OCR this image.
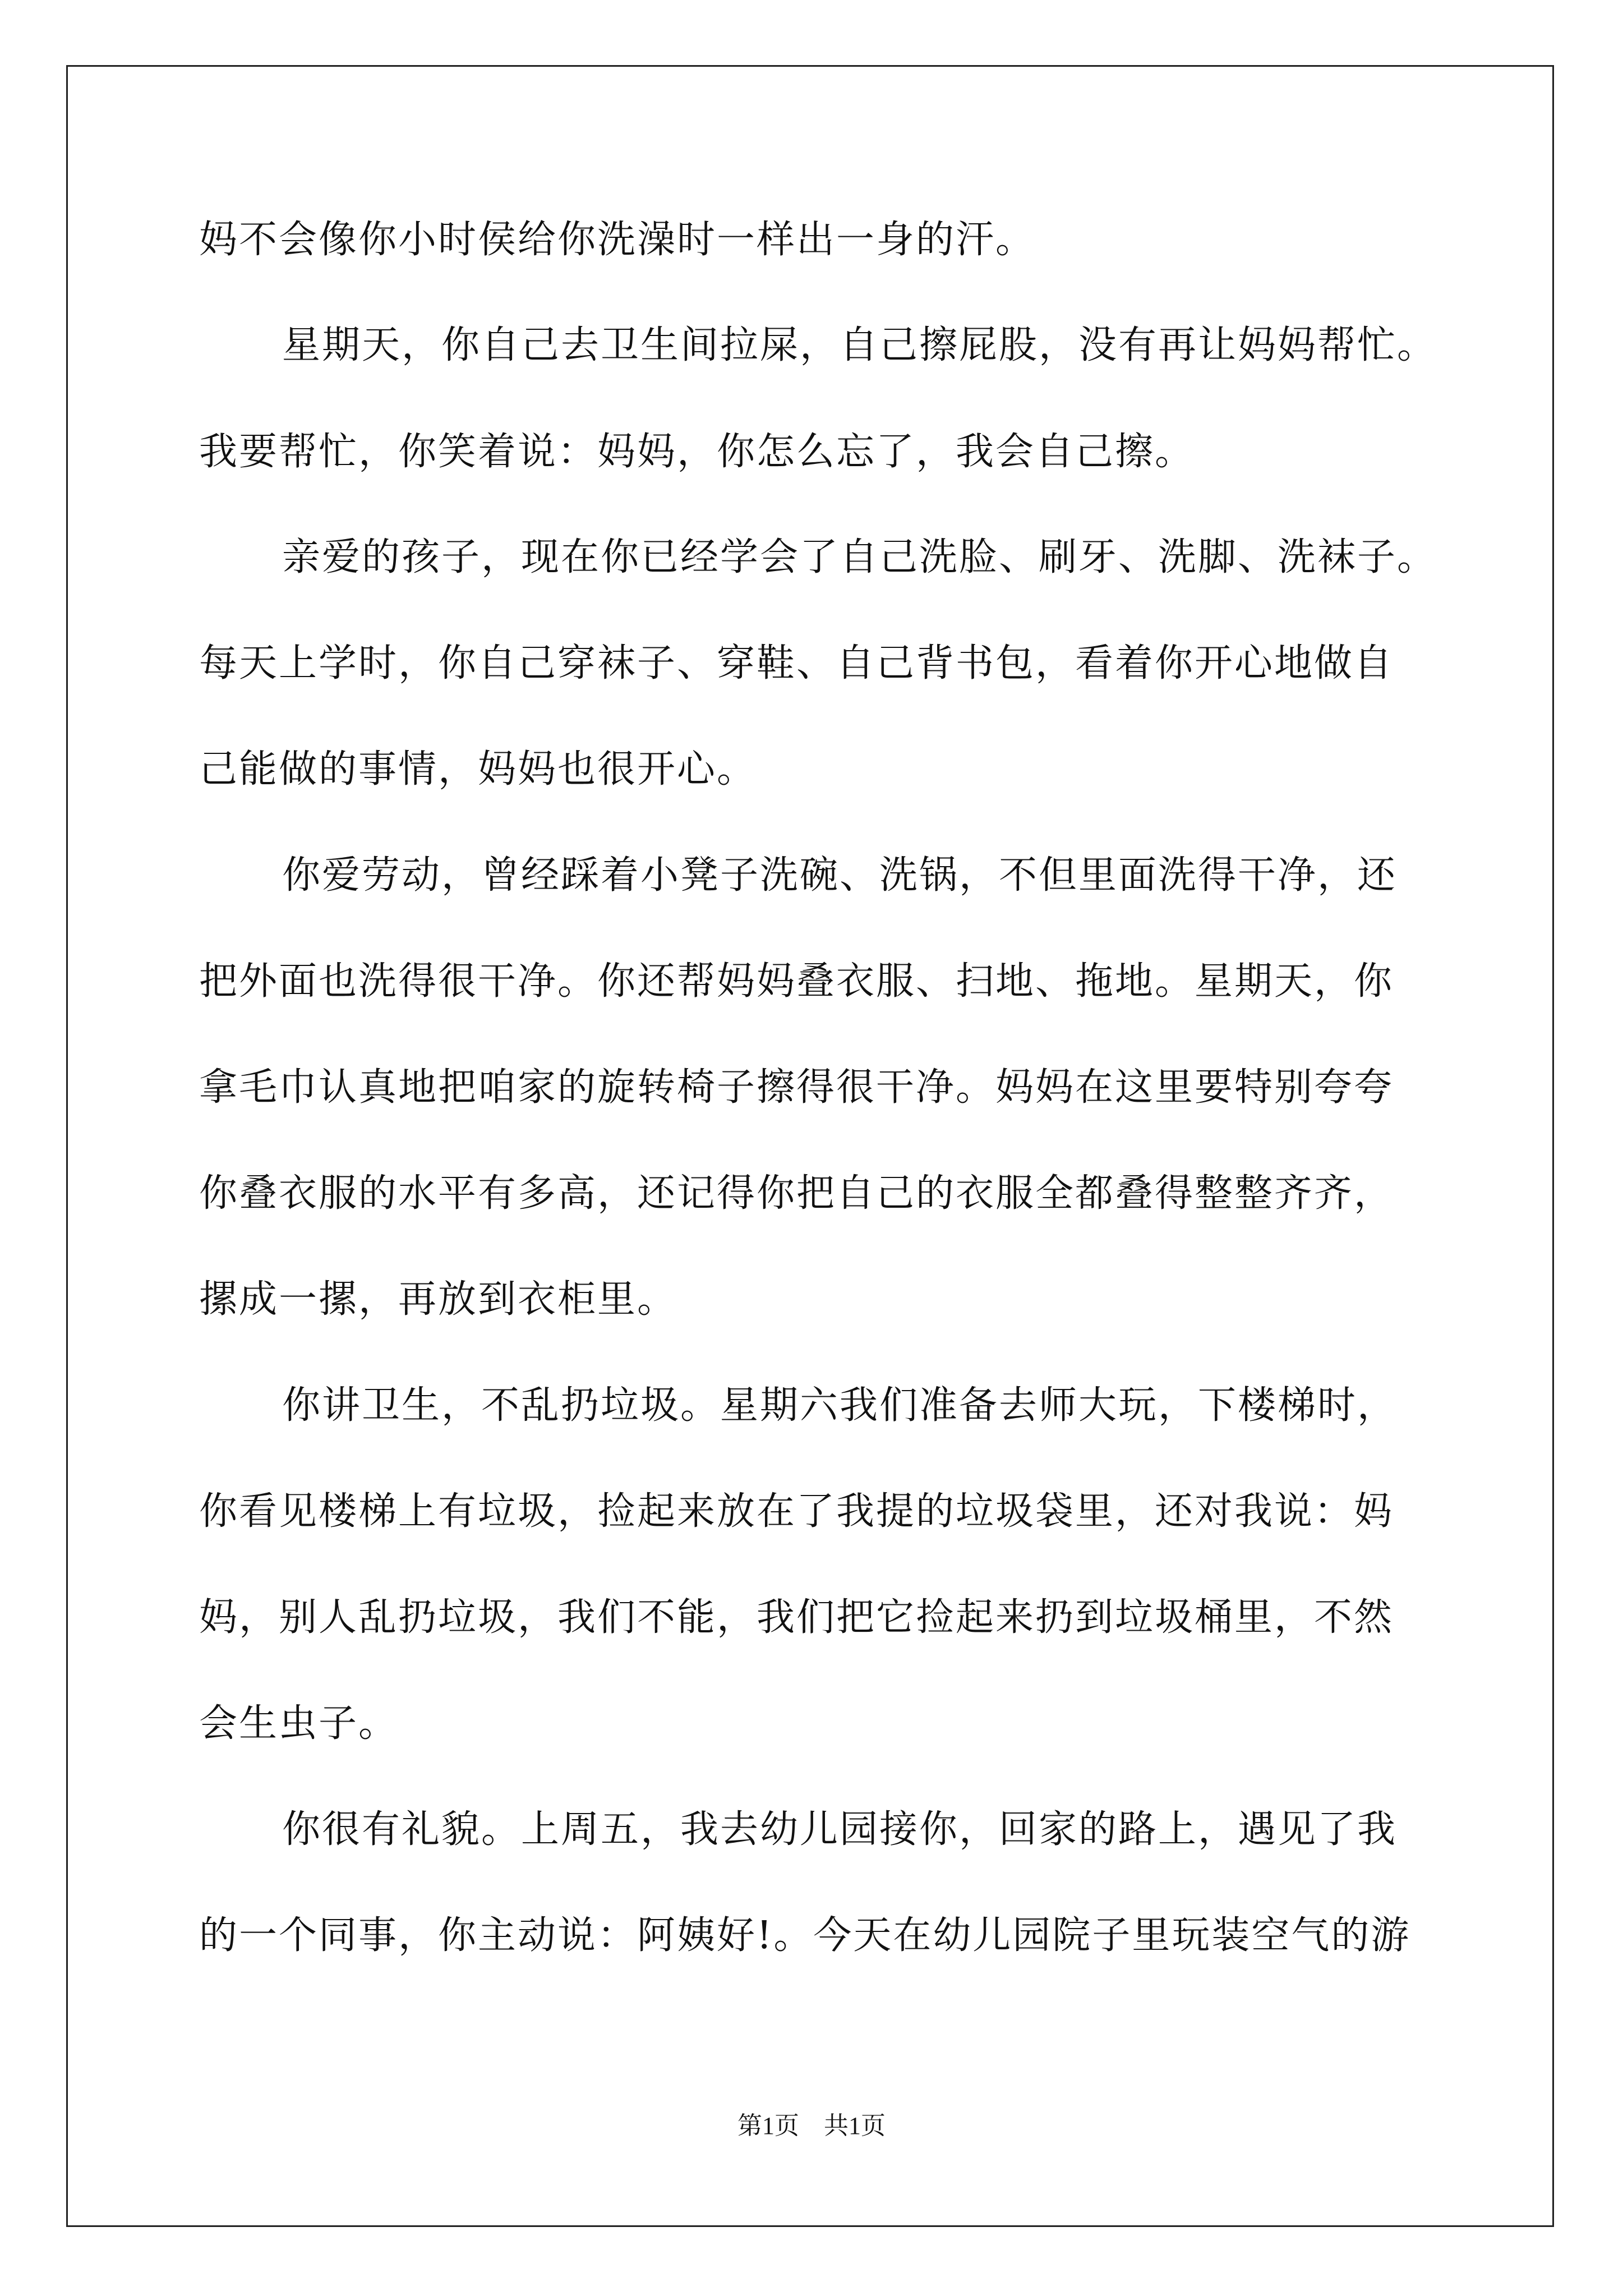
妈不会像你小时侯给你洗澡时一样出一身的汗。
星期天，你自己去卫生间拉屎，自己擦屁股，没有再让妈妈帮忙。
我要帮忙，你笑着说：妈妈，你怎么忘了，我会自己擦。
亲爱的孩子，现在你已经学会了自己洗脸、刷牙、洗脚、洗袜子。
每天上学时，你自己穿袜子、穿鞋、自己背书包，看着你开心地做自
己能做的事情，妈妈也很开心。
你爱劳动，曾经踩着小凳子洗碗、洗锅，不但里面洗得干净，还
把外面也洗得很干净。你还帮妈妈叠衣服、扫地、拖地。星期天，你
拿毛巾认真地把咱家的旋转椅子擦得很干净。妈妈在这里要特别夸夸
你叠衣服的水平有多高，还记得你把自己的衣服全都叠得整整齐齐，
摞成一摞，再放到衣柜里。
你讲卫生，不乱扔垃圾。星期六我们准备去师大玩，下楼梯时，
你看见楼梯上有垃圾，捡起来放在了我提的垃圾袋里，还对我说：妈
妈，别人乱扔垃圾，我们不能，我们把它捡起来扔到垃圾桶里，不然
会生虫子。
你很有礼貌。上周五，我去幼儿园接你，回家的路上，遇见了我
的一个同事，你主动说：阿姨好!。今天在幼儿园院子里玩装空气的游
第1页　共1页
